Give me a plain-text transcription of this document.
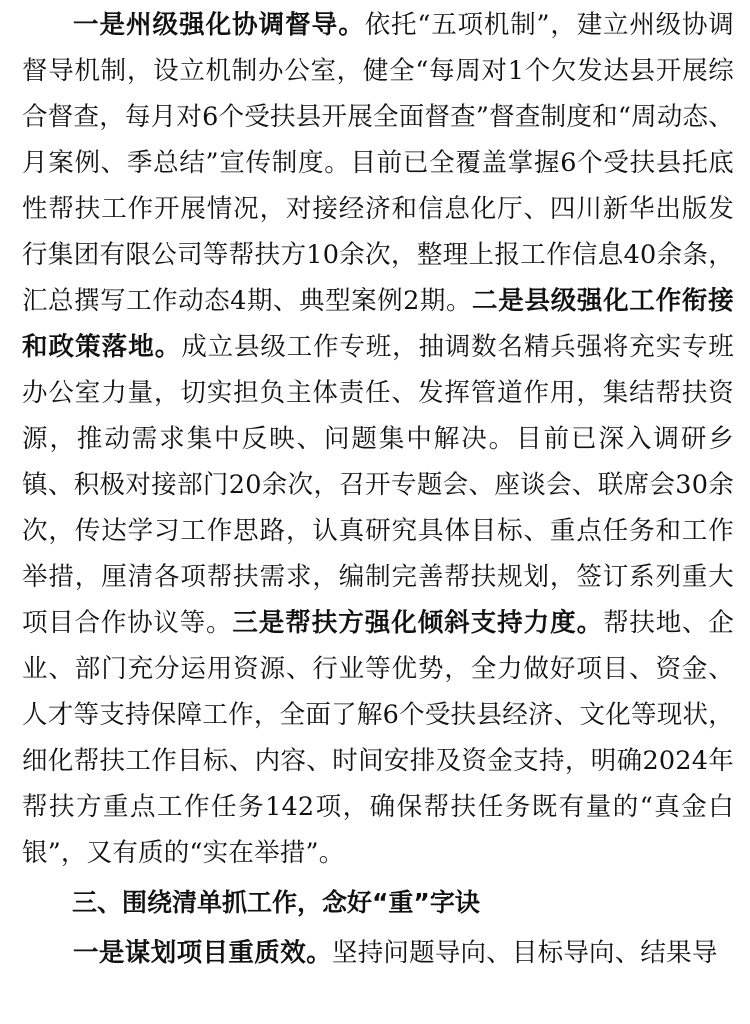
一是州级强化协调督导。依托“五项机制”，建立州级协调督导机制，设立机制办公室，健全“每周对1个欠发达县开展综合督查，每月对6个受扶县开展全面督查”督查制度和“周动态、月案例、季总结”宣传制度。目前已全覆盖掌握6个受扶县托底性帮扶工作开展情况，对接经济和信息化厅、四川新华出版发行集团有限公司等帮扶方10余次，整理上报工作信息40余条，汇总撰写工作动态4期、典型案例2期。二是县级强化工作衔接和政策落地。成立县级工作专班，抽调数名精兵强将充实专班办公室力量，切实担负主体责任、发挥管道作用，集结帮扶资源，推动需求集中反映、问题集中解决。目前已深入调研乡镇、积极对接部门20余次，召开专题会、座谈会、联席会30余次，传达学习工作思路，认真研究具体目标、重点任务和工作举措，厘清各项帮扶需求，编制完善帮扶规划，签订系列重大项目合作协议等。三是帮扶方强化倾斜支持力度。帮扶地、企业、部门充分运用资源、行业等优势，全力做好项目、资金、人才等支持保障工作，全面了解6个受扶县经济、文化等现状，细化帮扶工作目标、内容、时间安排及资金支持，明确2024年帮扶方重点工作任务142项，确保帮扶任务既有量的“真金白银”，又有质的“实在举措”。

三、围绕清单抓工作，念好“重”字诀

一是谋划项目重质效。坚持问题导向、目标导向、结果导
